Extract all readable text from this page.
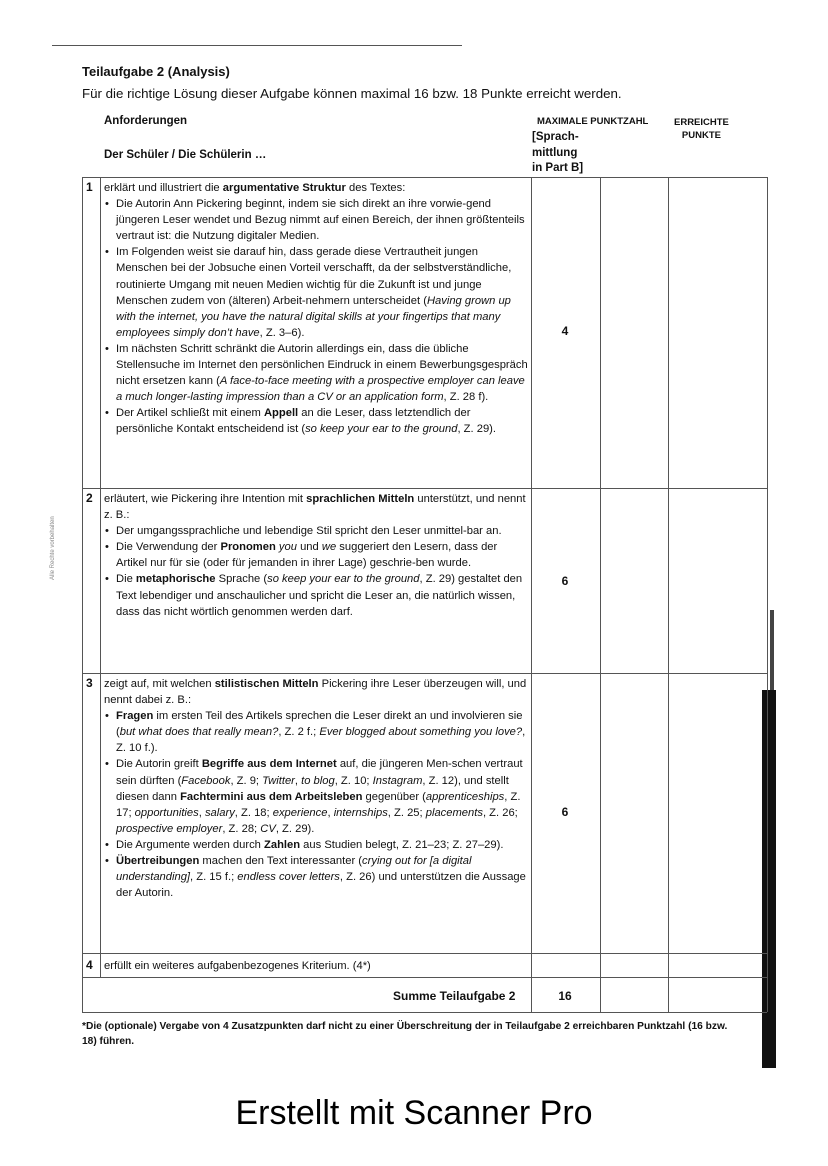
Alle Rechte vorbehalten
Teilaufgabe 2 (Analysis)
Für die richtige Lösung dieser Aufgabe können maximal 16 bzw. 18 Punkte erreicht werden.
Anforderungen
Der Schüler / Die Schülerin …
MAXIMALE PUNKTZAHL
[Sprach-
mittlung
in Part B]
ERREICHTE
PUNKTE
1 erklärt und illustriert die argumentative Struktur des Textes:

• Die Autorin Ann Pickering beginnt, indem sie sich direkt an ihre vorwie-gend jüngeren Leser wendet und Bezug nimmt auf einen Bereich, der ihnen größtenteils vertraut ist: die Nutzung digitaler Medien.
• Im Folgenden weist sie darauf hin, dass gerade diese Vertrautheit jungen Menschen bei der Jobsuche einen Vorteil verschafft, da der selbstverständliche, routinierte Umgang mit neuen Medien wichtig für die Zukunft ist und junge Menschen zudem von (älteren) Arbeit-nehmern unterscheidet (Having grown up with the internet, you have the natural digital skills at your fingertips that many employees simply don’t have, Z. 3–6).
• Im nächsten Schritt schränkt die Autorin allerdings ein, dass die übliche Stellensuche im Internet den persönlichen Eindruck in einem Bewerbungsgespräch nicht ersetzen kann (A face-to-face meeting with a prospective employer can leave a much longer-lasting impression than a CV or an application form, Z. 28 f).
• Der Artikel schließt mit einem Appell an die Leser, dass letztendlich der persönliche Kontakt entscheidend ist (so keep your ear to the ground, Z. 29).
4
2 erläutert, wie Pickering ihre Intention mit sprachlichen Mitteln unterstützt, und nennt z. B.:

• Der umgangssprachliche und lebendige Stil spricht den Leser unmittel-bar an.
• Die Verwendung der Pronomen you und we suggeriert den Lesern, dass der Artikel nur für sie (oder für jemanden in ihrer Lage) geschrie-ben wurde.
• Die metaphorische Sprache (so keep your ear to the ground, Z. 29) gestaltet den Text lebendiger und anschaulicher und spricht die Leser an, die natürlich wissen, dass das nicht wörtlich genommen werden darf.
6
3 zeigt auf, mit welchen stilistischen Mitteln Pickering ihre Leser überzeugen will, und nennt dabei z. B.:

• Fragen im ersten Teil des Artikels sprechen die Leser direkt an und involvieren sie (but what does that really mean?, Z. 2 f.; Ever blogged about something you love?, Z. 10 f.).
• Die Autorin greift Begriffe aus dem Internet auf, die jüngeren Men-schen vertraut sein dürften (Facebook, Z. 9; Twitter, to blog, Z. 10; Instagram, Z. 12), und stellt diesen dann Fachtermini aus dem Arbeitsleben gegenüber (apprenticeships, Z. 17; opportunities, salary, Z. 18; experience, internships, Z. 25; placements, Z. 26; prospective employer, Z. 28; CV, Z. 29).
• Die Argumente werden durch Zahlen aus Studien belegt, Z. 21–23; Z. 27–29).
• Übertreibungen machen den Text interessanter (crying out for [a digital understanding], Z. 15 f.; endless cover letters, Z. 26) und unterstützen die Aussage der Autorin.
6
4 erfüllt ein weiteres aufgabenbezogenes Kriterium. (4*)

Summe Teilaufgabe 2	16
*Die (optionale) Vergabe von 4 Zusatzpunkten darf nicht zu einer Überschreitung der in Teilaufgabe 2 erreichbaren Punktzahl (16 bzw. 18) führen.
Erstellt mit Scanner Pro
